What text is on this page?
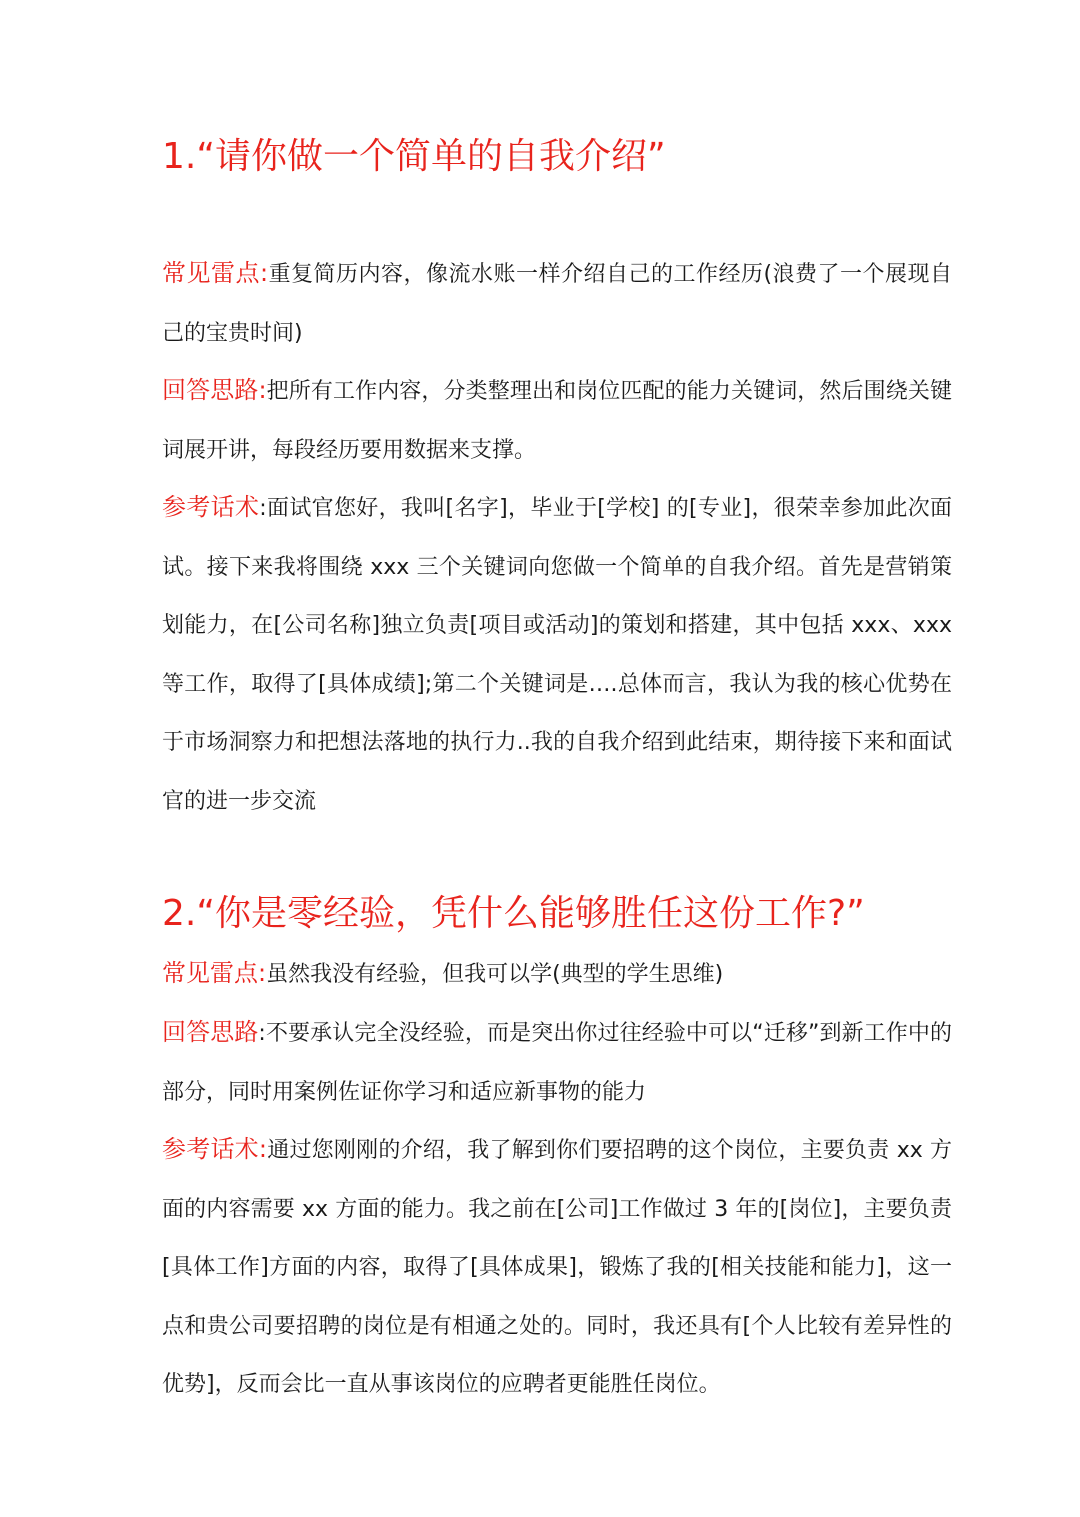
1.“请你做一个简单的自我介绍”

常见雷点:重复简历内容，像流水账一样介绍自己的工作经历(浪费了一个展现自己的宝贵时间)

回答思路:把所有工作内容，分类整理出和岗位匹配的能力关键词，然后围绕关键词展开讲，每段经历要用数据来支撑。

参考话术:面试官您好，我叫[名字]，毕业于[学校] 的[专业]，很荣幸参加此次面试。接下来我将围绕 xxx 三个关键词向您做一个简单的自我介绍。首先是营销策划能力，在[公司名称]独立负责[项目或活动]的策划和搭建，其中包括 xxx、xxx 等工作，取得了[具体成绩];第二个关键词是….总体而言，我认为我的核心优势在于市场洞察力和把想法落地的执行力..我的自我介绍到此结束，期待接下来和面试官的进一步交流

2.“你是零经验，凭什么能够胜任这份工作?”

常见雷点:虽然我没有经验，但我可以学(典型的学生思维)

回答思路:不要承认完全没经验，而是突出你过往经验中可以“迁移”到新工作中的部分，同时用案例佐证你学习和适应新事物的能力

参考话术:通过您刚刚的介绍，我了解到你们要招聘的这个岗位，主要负责 xx 方面的内容需要 xx 方面的能力。我之前在[公司]工作做过 3 年的[岗位]，主要负责[具体工作]方面的内容，取得了[具体成果]，锻炼了我的[相关技能和能力]，这一点和贵公司要招聘的岗位是有相通之处的。同时，我还具有[个人比较有差异性的优势]，反而会比一直从事该岗位的应聘者更能胜任岗位。
